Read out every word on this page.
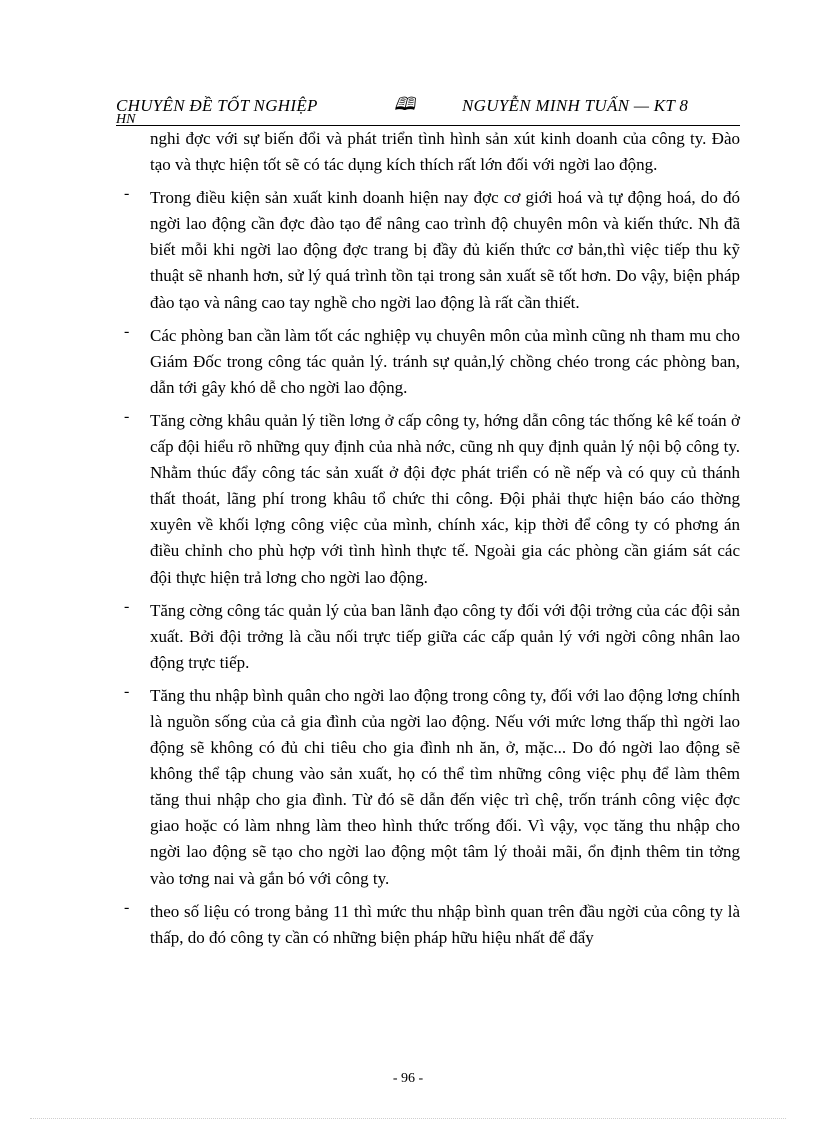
CHUYÊN ĐỀ TỐT NGHIỆP
HN
🕮	NGUYỄN MINH TUẤN — KT 8
nghi đợc với sự biến đổi và phát triển tình hình sản xút kinh doanh của công ty. Đào tạo và thực hiện tốt sẽ có tác dụng kích thích rất lớn đối với ngời lao động.
- Trong điều kiện sản xuất kinh doanh hiện nay đợc cơ giới hoá và tự động hoá, do đó ngời lao động cần đợc đào tạo để nâng cao trình độ chuyên môn và kiến thức. Nh đã biết mỗi khi ngời lao động đợc trang bị đầy đủ kiến thức cơ bản,thì việc tiếp thu kỹ thuật sẽ nhanh hơn, sử lý quá trình tồn tại trong sản xuất sẽ tốt hơn. Do vậy, biện pháp đào tạo và nâng cao tay nghề cho ngời lao động là rất cần thiết.
- Các phòng ban cần làm tốt các nghiệp vụ chuyên môn của mình cũng nh tham mu cho Giám Đốc trong công tác quản lý. tránh sự quản,lý chồng chéo trong các phòng ban, dẫn tới gây khó dễ cho ngời lao động.
- Tăng cờng khâu quản lý tiền lơng ở cấp công ty, hớng dẫn công tác thống kê kế toán ở cấp đội hiểu rõ những quy định của nhà nớc, cũng nh quy định quản lý nội bộ công ty. Nhằm thúc đẩy công tác sản xuất ở đội đợc phát triển có nề nếp và có quy củ thánh thất thoát, lãng phí trong khâu tổ chức thi công. Đội phải thực hiện báo cáo thờng xuyên về khối lợng công việc của mình, chính xác, kịp thời để công ty có phơng án điều chỉnh cho phù hợp với tình hình thực tế. Ngoài gia các phòng cần giám sát các đội thực hiện trả lơng cho ngời lao động.
- Tăng cờng công tác quản lý của ban lãnh đạo công ty đối với đội trởng của các đội sản xuất. Bởi đội trởng là cầu nối trực tiếp giữa các cấp quản lý với ngời công nhân lao động trực tiếp.
- Tăng thu nhập bình quân cho ngời lao động trong công ty, đối với lao động lơng chính là nguồn sống của cả gia đình của ngời lao động. Nếu với mức lơng thấp thì ngời lao động sẽ không có đủ chi tiêu cho gia đình nh ăn, ở, mặc... Do đó ngời lao động sẽ không thể tập chung vào sản xuất, họ có thể tìm những công việc phụ để làm thêm tăng thui nhập cho gia đình. Từ đó sẽ dẫn đến việc trì chệ, trốn tránh công việc đợc giao hoặc có làm nhng làm theo hình thức trống đối. Vì vậy, vọc tăng thu nhập cho ngời lao động sẽ tạo cho ngời lao động một tâm lý thoải mãi, ổn định thêm tin tởng vào tơng nai và gắn bó với công ty.
- theo số liệu có trong bảng 11 thì mức thu nhập bình quan trên đầu ngời của công ty là thấp, do đó công ty cần có những biện pháp hữu hiệu nhất để đẩy
- 96 -
